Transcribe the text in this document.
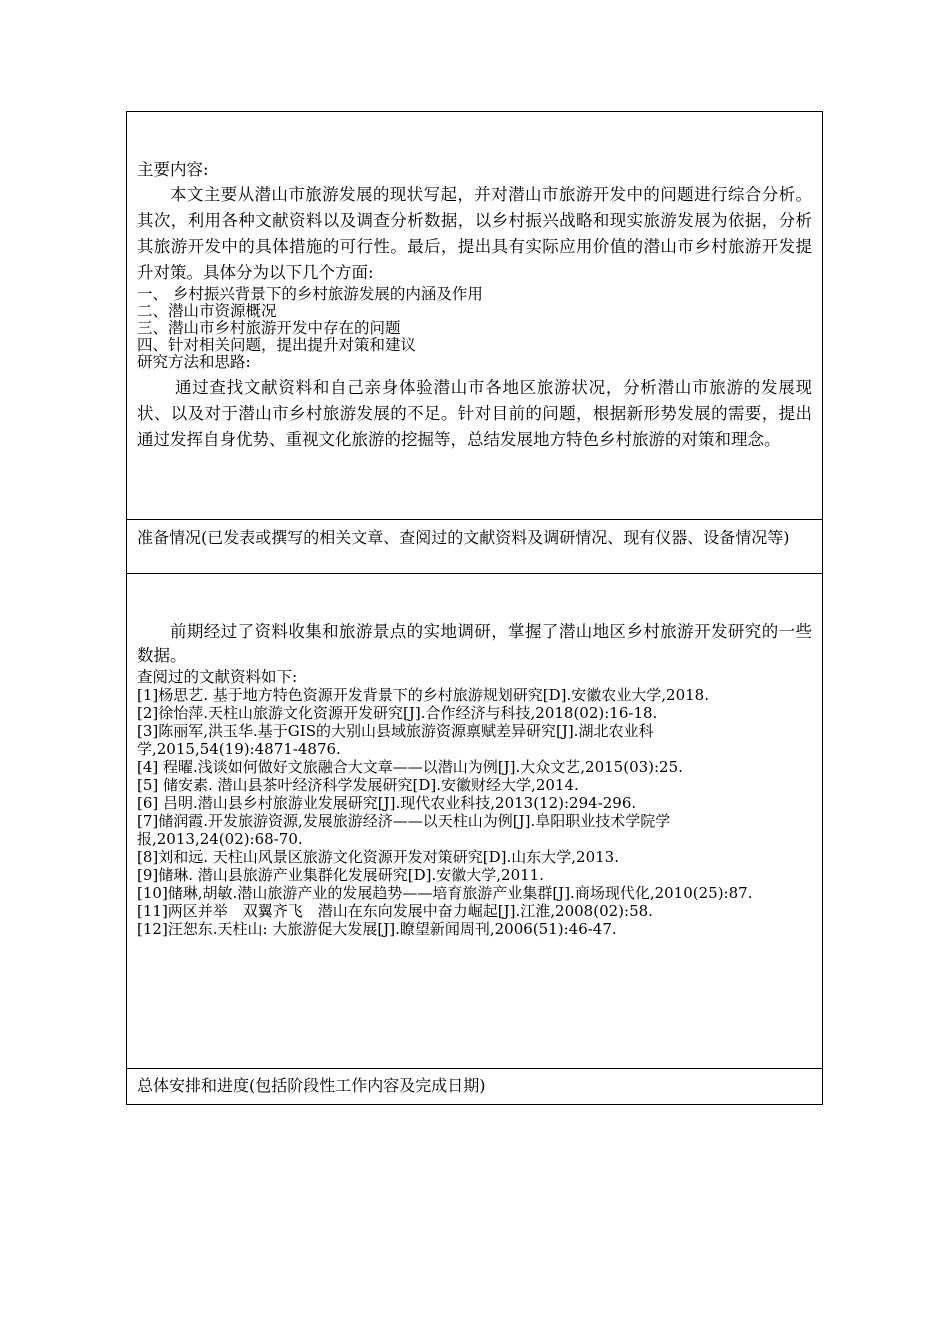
主要内容:

本文主要从潜山市旅游发展的现状写起，并对潜山市旅游开发中的问题进行综合分析。其次，利用各种文献资料以及调查分析数据，以乡村振兴战略和现实旅游发展为依据，分析其旅游开发中的具体措施的可行性。最后，提出具有实际应用价值的潜山市乡村旅游开发提升对策。具体分为以下几个方面:

一、 乡村振兴背景下的乡村旅游发展的内涵及作用
二、潜山市资源概况
三、潜山市乡村旅游开发中存在的问题
四、针对相关问题，提出提升对策和建议
研究方法和思路:

通过查找文献资料和自己亲身体验潜山市各地区旅游状况，分析潜山市旅游的发展现状、以及对于潜山市乡村旅游发展的不足。针对目前的问题，根据新形势发展的需要，提出通过发挥自身优势、重视文化旅游的挖掘等，总结发展地方特色乡村旅游的对策和理念。

准备情况(已发表或撰写的相关文章、查阅过的文献资料及调研情况、现有仪器、设备情况等)

前期经过了资料收集和旅游景点的实地调研，掌握了潜山地区乡村旅游开发研究的一些数据。

查阅过的文献资料如下:
[1]杨思艺. 基于地方特色资源开发背景下的乡村旅游规划研究[D].安徽农业大学,2018.
[2]徐怡萍.天柱山旅游文化资源开发研究[J].合作经济与科技,2018(02):16-18.
[3]陈丽军,洪玉华.基于GIS的大别山县域旅游资源禀赋差异研究[J].湖北农业科学,2015,54(19):4871-4876.
[4] 程曜.浅谈如何做好文旅融合大文章——以潜山为例[J].大众文艺,2015(03):25.
[5] 储安素. 潜山县茶叶经济科学发展研究[D].安徽财经大学,2014.
[6] 吕明.潜山县乡村旅游业发展研究[J].现代农业科技,2013(12):294-296.
[7]储润霞.开发旅游资源,发展旅游经济——以天柱山为例[J].阜阳职业技术学院学报,2013,24(02):68-70.
[8]刘和远. 天柱山风景区旅游文化资源开发对策研究[D].山东大学,2013.
[9]储琳. 潜山县旅游产业集群化发展研究[D].安徽大学,2011.
[10]储琳,胡敏.潜山旅游产业的发展趋势——培育旅游产业集群[J].商场现代化,2010(25):87.
[11]两区并举　双翼齐飞　潜山在东向发展中奋力崛起[J].江淮,2008(02):58.
[12]汪恕东.天柱山: 大旅游促大发展[J].瞭望新闻周刊,2006(51):46-47.
总体安排和进度(包括阶段性工作内容及完成日期)
